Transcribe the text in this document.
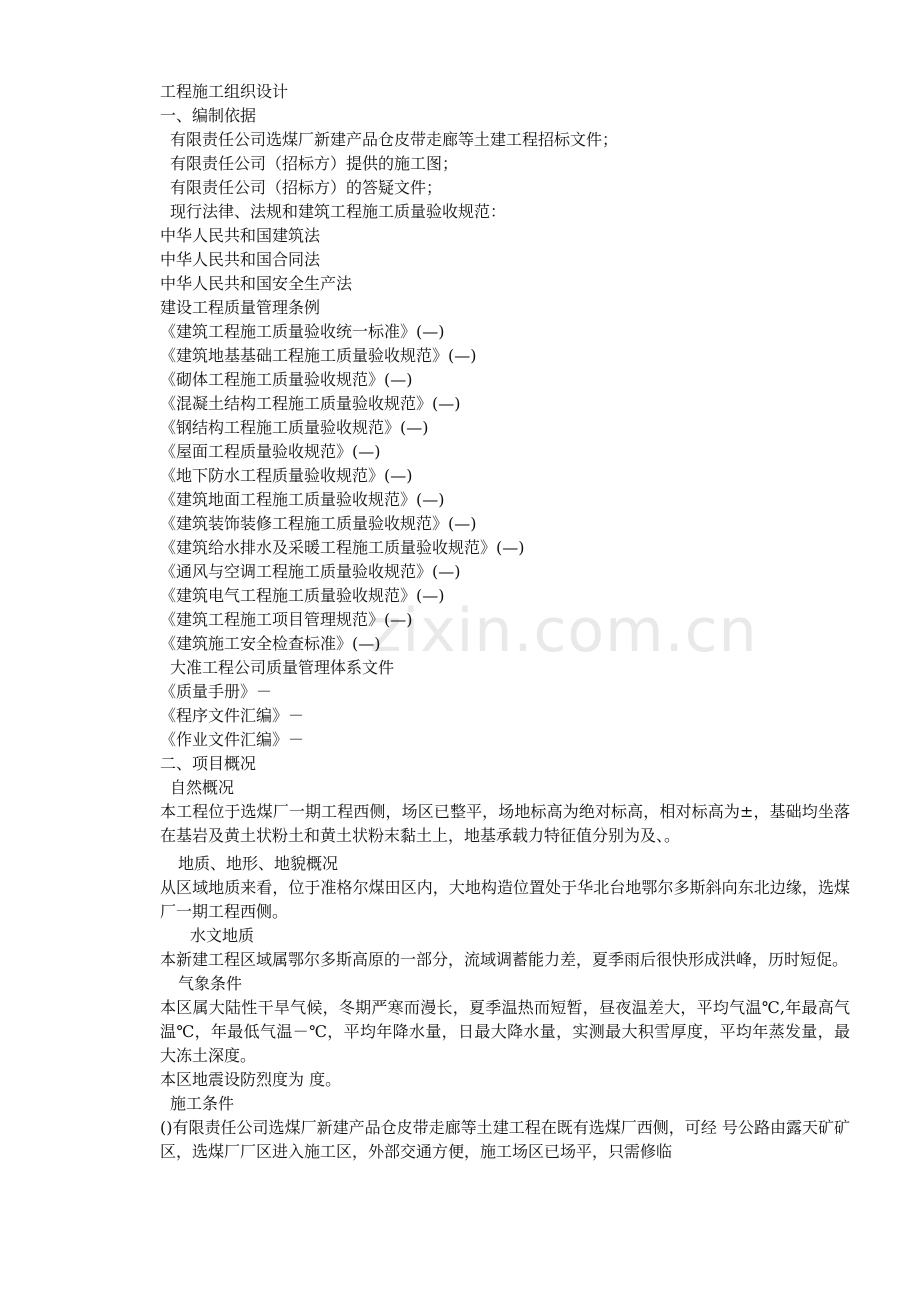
zixin.com.cn
工程施工组织设计
一、编制依据
有限责任公司选煤厂新建产品仓皮带走廊等土建工程招标文件；
有限责任公司（招标方）提供的施工图；
有限责任公司（招标方）的答疑文件；
现行法律、法规和建筑工程施工质量验收规范：
中华人民共和国建筑法
中华人民共和国合同法
中华人民共和国安全生产法
建设工程质量管理条例
《建筑工程施工质量验收统一标准》(—)
《建筑地基基础工程施工质量验收规范》(—)
《砌体工程施工质量验收规范》(—)
《混凝土结构工程施工质量验收规范》(—)
《钢结构工程施工质量验收规范》(—)
《屋面工程质量验收规范》(—)
《地下防水工程质量验收规范》(—)
《建筑地面工程施工质量验收规范》(—)
《建筑装饰装修工程施工质量验收规范》(—)
《建筑给水排水及采暖工程施工质量验收规范》(—)
《通风与空调工程施工质量验收规范》(—)
《建筑电气工程施工质量验收规范》(—)
《建筑工程施工项目管理规范》(—)
《建筑施工安全检查标准》(—)
大准工程公司质量管理体系文件
《质量手册》－
《程序文件汇编》－
《作业文件汇编》－
二、项目概况
自然概况
本工程位于选煤厂一期工程西侧，场区已整平，场地标高为绝对标高，相对标高为±，基础均坐落在基岩及黄土状粉土和黄土状粉末黏土上，地基承载力特征值分别为及、。
地质、地形、地貌概况
从区域地质来看，位于准格尔煤田区内，大地构造位置处于华北台地鄂尔多斯斜向东北边缘，选煤厂一期工程西侧。
水文地质
本新建工程区域属鄂尔多斯高原的一部分，流域调蓄能力差，夏季雨后很快形成洪峰，历时短促。
气象条件
本区属大陆性干旱气候，冬期严寒而漫长，夏季温热而短暂，昼夜温差大，平均气温℃,年最高气温℃，年最低气温－℃，平均年降水量，日最大降水量，实测最大积雪厚度，平均年蒸发量，最大冻土深度。
本区地震设防烈度为 度。
施工条件
()有限责任公司选煤厂新建产品仓皮带走廊等土建工程在既有选煤厂西侧，可经 号公路由露天矿矿区，选煤厂厂区进入施工区，外部交通方便，施工场区已场平，只需修临
